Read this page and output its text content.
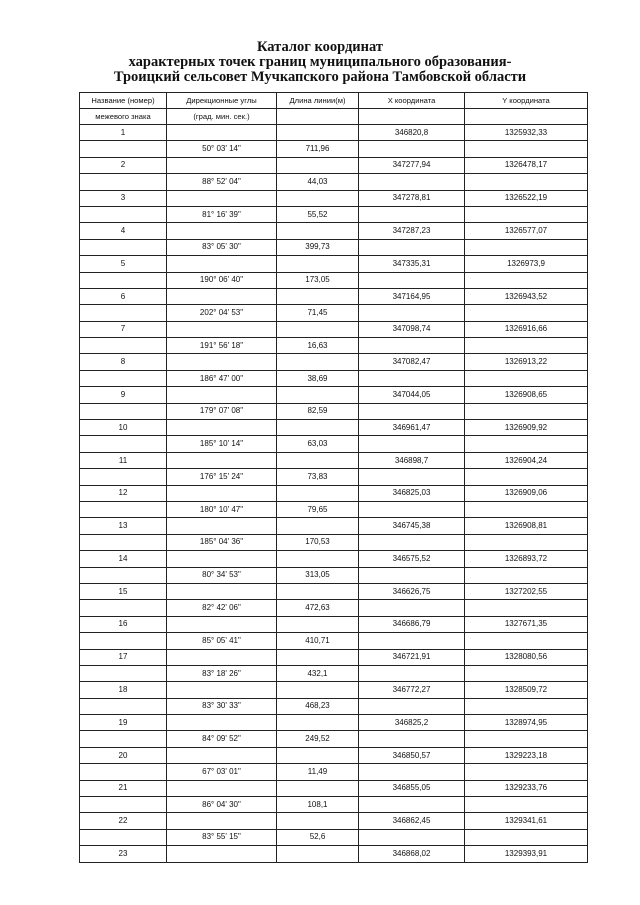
Каталог координат
характерных точек границ муниципального образования-
Троицкий сельсовет Мучкапского района Тамбовской области
Название (номер)	Дирекционные углы	Длина линии(м)	X координата	Y координата
межевого знака	(град. мин. сек.)			
1			346820,8	1325932,33
	50° 03' 14"	711,96		
2			347277,94	1326478,17
	88° 52' 04"	44,03		
3			347278,81	1326522,19
	81° 16' 39"	55,52		
4			347287,23	1326577,07
	83° 05' 30"	399,73		
5			347335,31	1326973,9
	190° 06' 40"	173,05		
6			347164,95	1326943,52
	202° 04' 53"	71,45		
7			347098,74	1326916,66
	191° 56' 18"	16,63		
8			347082,47	1326913,22
	186° 47' 00"	38,69		
9			347044,05	1326908,65
	179° 07' 08"	82,59		
10			346961,47	1326909,92
	185° 10' 14"	63,03		
11			346898,7	1326904,24
	176° 15' 24"	73,83		
12			346825,03	1326909,06
	180° 10' 47"	79,65		
13			346745,38	1326908,81
	185° 04' 36"	170,53		
14			346575,52	1326893,72
	80° 34' 53"	313,05		
15			346626,75	1327202,55
	82° 42' 06"	472,63		
16			346686,79	1327671,35
	85° 05' 41"	410,71		
17			346721,91	1328080,56
	83° 18' 26"	432,1		
18			346772,27	1328509,72
	83° 30' 33"	468,23		
19			346825,2	1328974,95
	84° 09' 52"	249,52		
20			346850,57	1329223,18
	67° 03' 01"	11,49		
21			346855,05	1329233,76
	86° 04' 30"	108,1		
22			346862,45	1329341,61
	83° 55' 15"	52,6		
23			346868,02	1329393,91
